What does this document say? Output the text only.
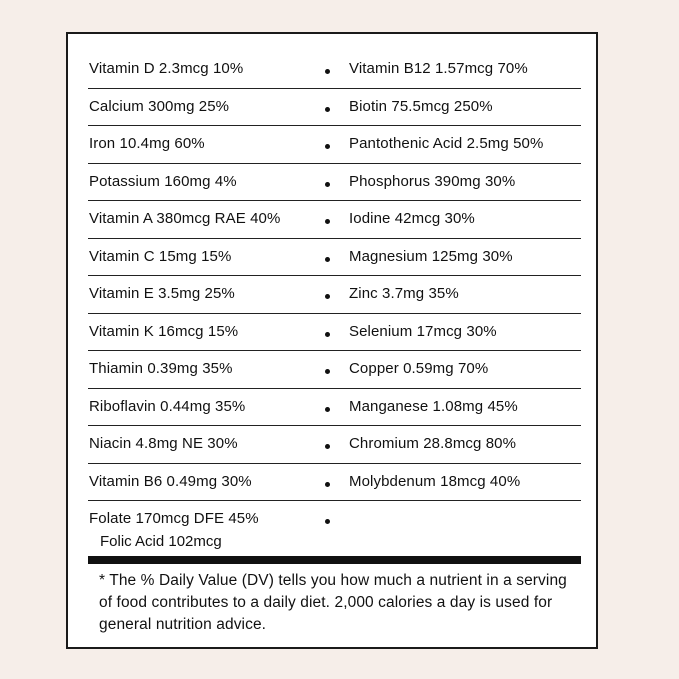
Vitamin D 2.3mcg 10%	Vitamin B12 1.57mcg 70%
Calcium 300mg 25%	Biotin 75.5mcg 250%
Iron 10.4mg 60%	Pantothenic Acid 2.5mg 50%
Potassium 160mg 4%	Phosphorus 390mg 30%
Vitamin A 380mcg RAE 40%	Iodine 42mcg 30%
Vitamin C 15mg 15%	Magnesium 125mg 30%
Vitamin E 3.5mg 25%	Zinc 3.7mg 35%
Vitamin K 16mcg 15%	Selenium 17mcg 30%
Thiamin 0.39mg 35%	Copper 0.59mg 70%
Riboflavin 0.44mg 35%	Manganese 1.08mg 45%
Niacin 4.8mg NE 30%	Chromium 28.8mcg 80%
Vitamin B6 0.49mg 30%	Molybdenum 18mcg 40%
Folate 170mcg DFE 45%
Folic Acid 102mcg
* The % Daily Value (DV) tells you how much a nutrient in a serving of food contributes to a daily diet. 2,000 calories a day is used for general nutrition advice.
